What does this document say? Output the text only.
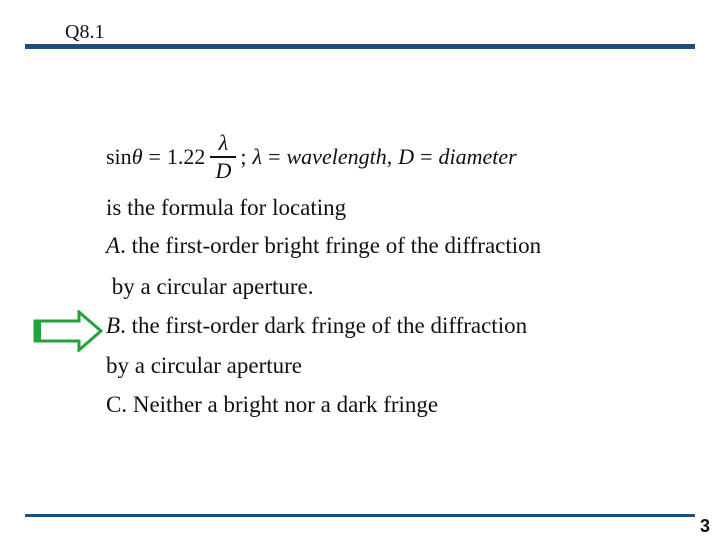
Q8.1
$\sin \theta = 1.22 \frac{\lambda}{D}$ ; λ = wavelength , D = diameter
is the formula for locating
A. the first-order bright fringe of the diffraction
by a circular aperture.
B. the first-order dark fringe of the diffraction
by a circular aperture
C. Neither a bright nor a dark fringe
3
